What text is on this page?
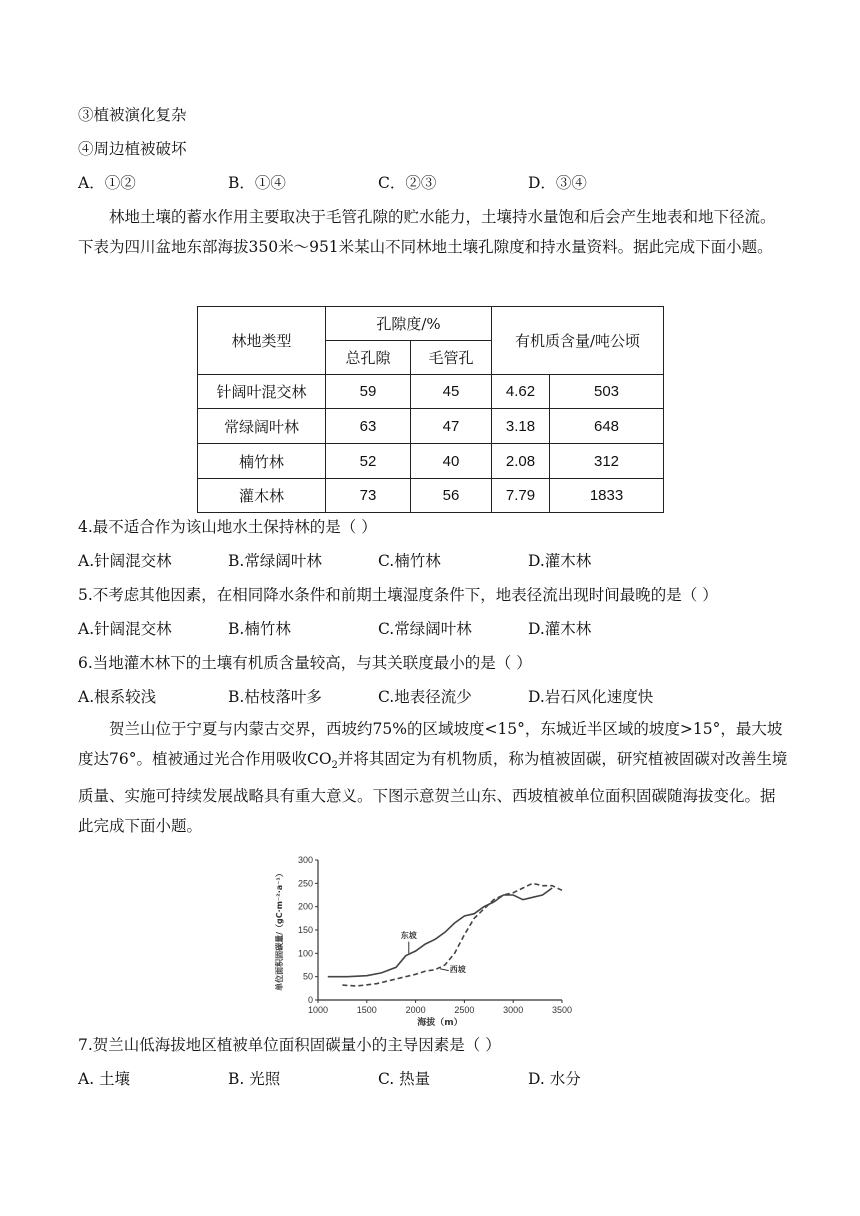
③植被演化复杂
④周边植被破坏
A．①②	B．①④	C．②③	D．③④
林地土壤的蓄水作用主要取决于毛管孔隙的贮水能力，土壤持水量饱和后会产生地表和地下径流。下表为四川盆地东部海拔350米～951米某山不同林地土壤孔隙度和持水量资料。据此完成下面小题。
林地类型	孔隙度/%		有机质含量/吨公顷	
	总孔隙	毛管孔		
针阔叶混交林	59	45	4.62	503
常绿阔叶林	63	47	3.18	648
楠竹林	52	40	2.08	312
灌木林	73	56	7.79	1833
4.最不适合作为该山地水土保持林的是（ ）
A.针阔混交林	B.常绿阔叶林	C.楠竹林	D.灌木林
5.不考虑其他因素，在相同降水条件和前期土壤湿度条件下，地表径流出现时间最晚的是（ ）
A.针阔混交林	B.楠竹林	C.常绿阔叶林	D.灌木林
6.当地灌木林下的土壤有机质含量较高，与其关联度最小的是（ ）
A.根系较浅	B.枯枝落叶多	C.地表径流少	D.岩石风化速度快
贺兰山位于宁夏与内蒙古交界，西坡约75%的区域坡度<15°，东城近半区域的坡度>15°，最大坡度达76°。植被通过光合作用吸收$CO_2$并将其固定为有机物质，称为植被固碳，研究植被固碳对改善生境质量、实施可持续发展战略具有重大意义。下图示意贺兰山东、西坡植被单位面积固碳随海拔变化。据此完成下面小题。
1000	1500	2000	2500	3000	3500
0
50
100
150
200
250
300
海拔（m）
单位面积固碳量/（gC·m⁻²·a⁻¹）	东坡
西坡
7.贺兰山低海拔地区植被单位面积固碳量小的主导因素是（ ）
A. 土壤	B. 光照	C. 热量	D. 水分
